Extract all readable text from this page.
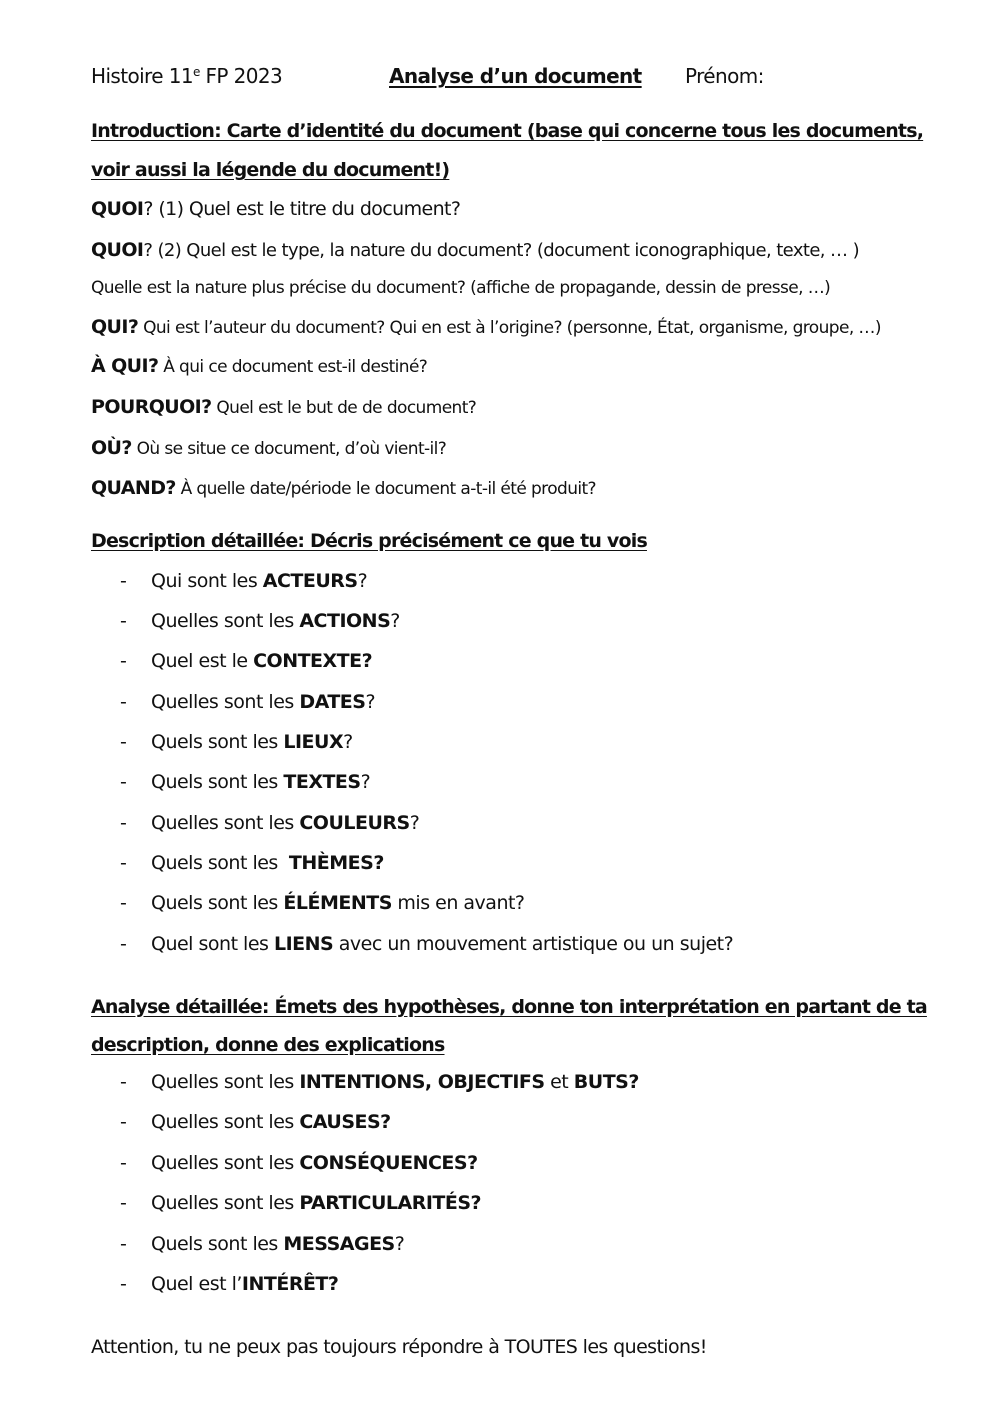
Histoire 11e FP 2023	Analyse d’un document Prénom:
Introduction: Carte d’identité du document (base qui concerne tous les documents,
voir aussi la légende du document!)
QUOI? (1) Quel est le titre du document?
QUOI? (2) Quel est le type, la nature du document? (document iconographique, texte, … )
Quelle est la nature plus précise du document? (affiche de propagande, dessin de presse, …)
QUI? Qui est l’auteur du document? Qui en est à l’origine? (personne, État, organisme, groupe, …)
À QUI? À qui ce document est-il destiné?
POURQUOI? Quel est le but de de document?
OÙ? Où se situe ce document, d’où vient-il?
QUAND? À quelle date/période le document a-t-il été produit?
Description détaillée: Décris précisément ce que tu vois
- Qui sont les ACTEURS?
- Quelles sont les ACTIONS?
- Quel est le CONTEXTE?
- Quelles sont les DATES?
- Quels sont les LIEUX?
- Quels sont les TEXTES?
- Quelles sont les COULEURS?
- Quels sont les  THÈMES?
- Quels sont les ÉLÉMENTS mis en avant?
- Quel sont les LIENS avec un mouvement artistique ou un sujet?
Analyse détaillée: Émets des hypothèses, donne ton interprétation en partant de ta
description, donne des explications
- Quelles sont les INTENTIONS, OBJECTIFS et BUTS?
- Quelles sont les CAUSES?
- Quelles sont les CONSÉQUENCES?
- Quelles sont les PARTICULARITÉS?
- Quels sont les MESSAGES?
- Quel est l’INTÉRÊT?
Attention, tu ne peux pas toujours répondre à TOUTES les questions!
